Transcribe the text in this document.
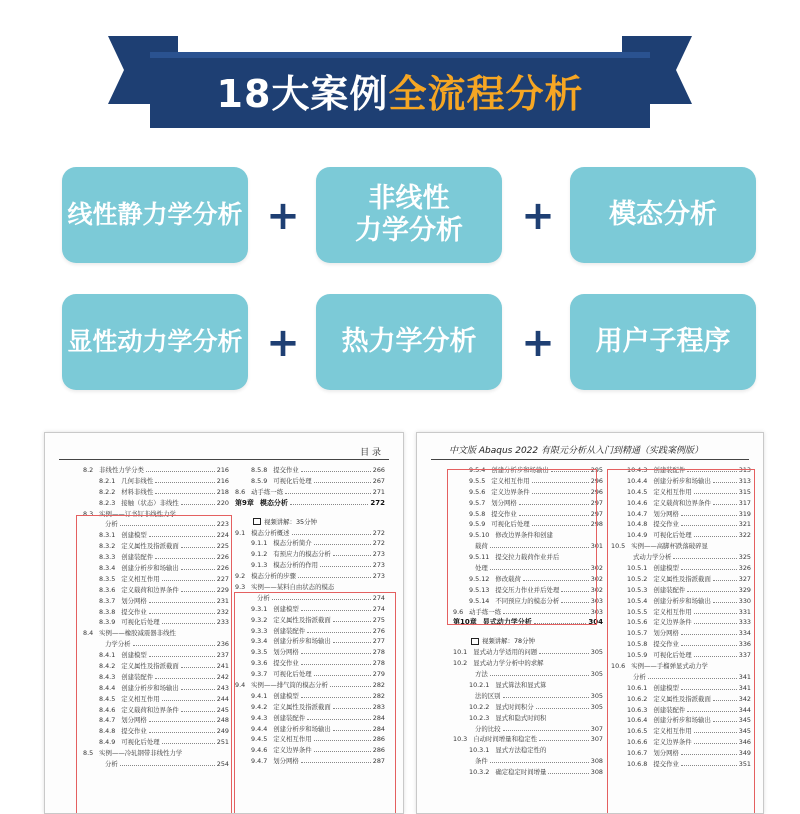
18大案例 全流程分析
线性静力学分析 +	非线性
力学分析 + 模态分析
显性动力学分析 + 热力学分析 + 用户子程序
目 录
8.2 非线性力学分类	216
8.2.1 几何非线性	216
8.2.2 材料非线性	218
8.2.3 接触（状态）非线性	220
8.3 实例——订书钉非线性力学
分析	223
8.3.1 创建模型	224
8.3.2 定义属性及指派截面	225
8.3.3 创建装配件	226
8.3.4 创建分析步和场输出	226
8.3.5 定义相互作用	227
8.3.6 定义载荷和边界条件	229
8.3.7 划分网格	231
8.3.8 提交作业	232
8.3.9 可视化后处理	233
8.4 实例——橡胶减震器非线性
力学分析	236
8.4.1 创建模型	237
8.4.2 定义属性及指派截面	241
8.4.3 创建装配件	242
8.4.4 创建分析步和场输出	243
8.4.5 定义相互作用	244
8.4.6 定义载荷和边界条件	245
8.4.7 划分网格	248
8.4.8 提交作业	249
8.4.9 可视化后处理	251
8.5 实例——冷轧钢带非线性力学
分析	254
8.5.8 提交作业	266
8.5.9 可视化后处理	267
8.6 动手练一练	271
第9章 模态分析	272
视频讲解：35分钟
9.1 模态分析概述	272
9.1.1 模态分析简介	272
9.1.2 有预应力的模态分析	273
9.1.3 模态分析的作用	273
9.2 模态分析的步骤	273
9.3 实例——某料自由状态的模态
分析	274
9.3.1 创建模型	274
9.3.2 定义属性及指派截面	275
9.3.3 创建装配件	276
9.3.4 创建分析步和场输出	277
9.3.5 划分网格	278
9.3.6 提交作业	278
9.3.7 可视化后处理	279
9.4 实例——排气筒的模态分析	282
9.4.1 创建模型	282
9.4.2 定义属性及指派截面	283
9.4.3 创建装配件	284
9.4.4 创建分析步和场输出	284
9.4.5 定义相互作用	286
9.4.6 定义边界条件	286
9.4.7 划分网格	287
中文版 Abaqus 2022 有限元分析从入门到精通（实践案例版）
9.5.4 创建分析步和场输出	295
9.5.5 定义相互作用	296
9.5.6 定义边界条件	296
9.5.7 划分网格	297
9.5.8 提交作业	297
9.5.9 可视化后处理	298
9.5.10 修改边界条件和创建
载荷	301
9.5.11 提交拉力载荷作业并后
处理	302
9.5.12 修改载荷	302
9.5.13 提交压力作业并后处理	302
9.5.14 不同预应力的模态分析	303
9.6 动手练一练	303
第10章 显式动力学分析	304
视频讲解：78分钟
10.1 显式动力学适用的问题	305
10.2 显式动力学分析中的求解
方法	305
10.2.1 显式算法和显式算
法的区别	305
10.2.2 显式时间积分	305
10.2.3 显式和隐式时间积
分的比较	307
10.3 自动时间增量和稳定性	307
10.3.1 显式方法稳定性的
条件	308
10.3.2 确定稳定时间增量	308
10.4.3 创建装配件	313
10.4.4 创建分析步和场输出	313
10.4.5 定义相互作用	315
10.4.6 定义载荷和边界条件	317
10.4.7 划分网格	319
10.4.8 提交作业	321
10.4.9 可视化后处理	322
10.5 实例——高脚杯跌落破碎显
式动力学分析	325
10.5.1 创建模型	326
10.5.2 定义属性及指派截面	327
10.5.3 创建装配件	329
10.5.4 创建分析步和场输出	330
10.5.5 定义相互作用	331
10.5.6 定义边界条件	333
10.5.7 划分网格	334
10.5.8 提交作业	336
10.5.9 可视化后处理	337
10.6 实例——手榴弹显式动力学
分析	341
10.6.1 创建模型	341
10.6.2 定义属性及指派截面	342
10.6.3 创建装配件	344
10.6.4 创建分析步和场输出	345
10.6.5 定义相互作用	345
10.6.6 定义边界条件	346
10.6.7 划分网格	349
10.6.8 提交作业	351
